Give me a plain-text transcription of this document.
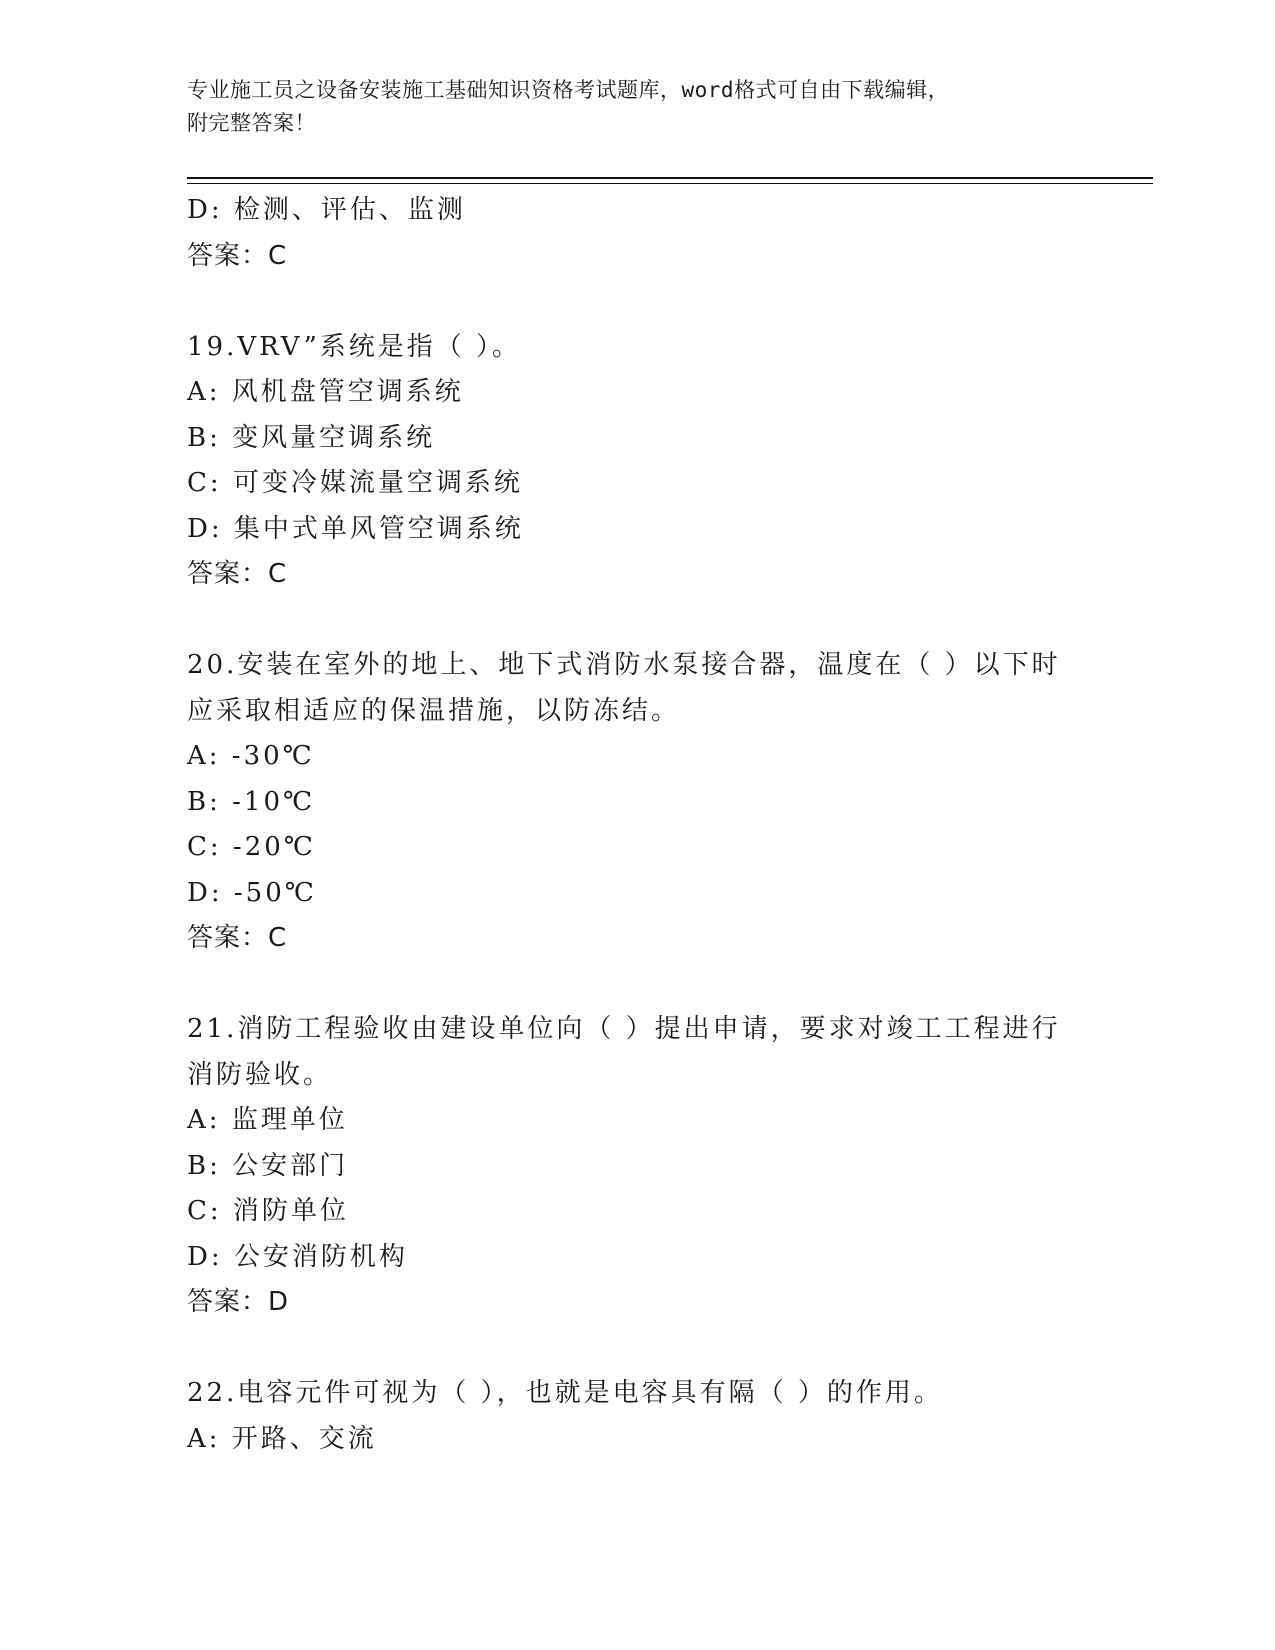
专业施工员之设备安装施工基础知识资格考试题库，word格式可自由下载编辑，
附完整答案！
D: 检测、评估、监测
答案：C
19.VRV”系统是指（ ）。
A: 风机盘管空调系统
B: 变风量空调系统
C: 可变冷媒流量空调系统
D: 集中式单风管空调系统
答案：C
20.安装在室外的地上、地下式消防水泵接合器，温度在（ ）以下时
应采取相适应的保温措施，以防冻结。
A: -30℃
B: -10℃
C: -20℃
D: -50℃
答案：C
21.消防工程验收由建设单位向（ ）提出申请，要求对竣工工程进行
消防验收。
A: 监理单位
B: 公安部门
C: 消防单位
D: 公安消防机构
答案：D
22.电容元件可视为（ ），也就是电容具有隔（ ）的作用。
A: 开路、交流
